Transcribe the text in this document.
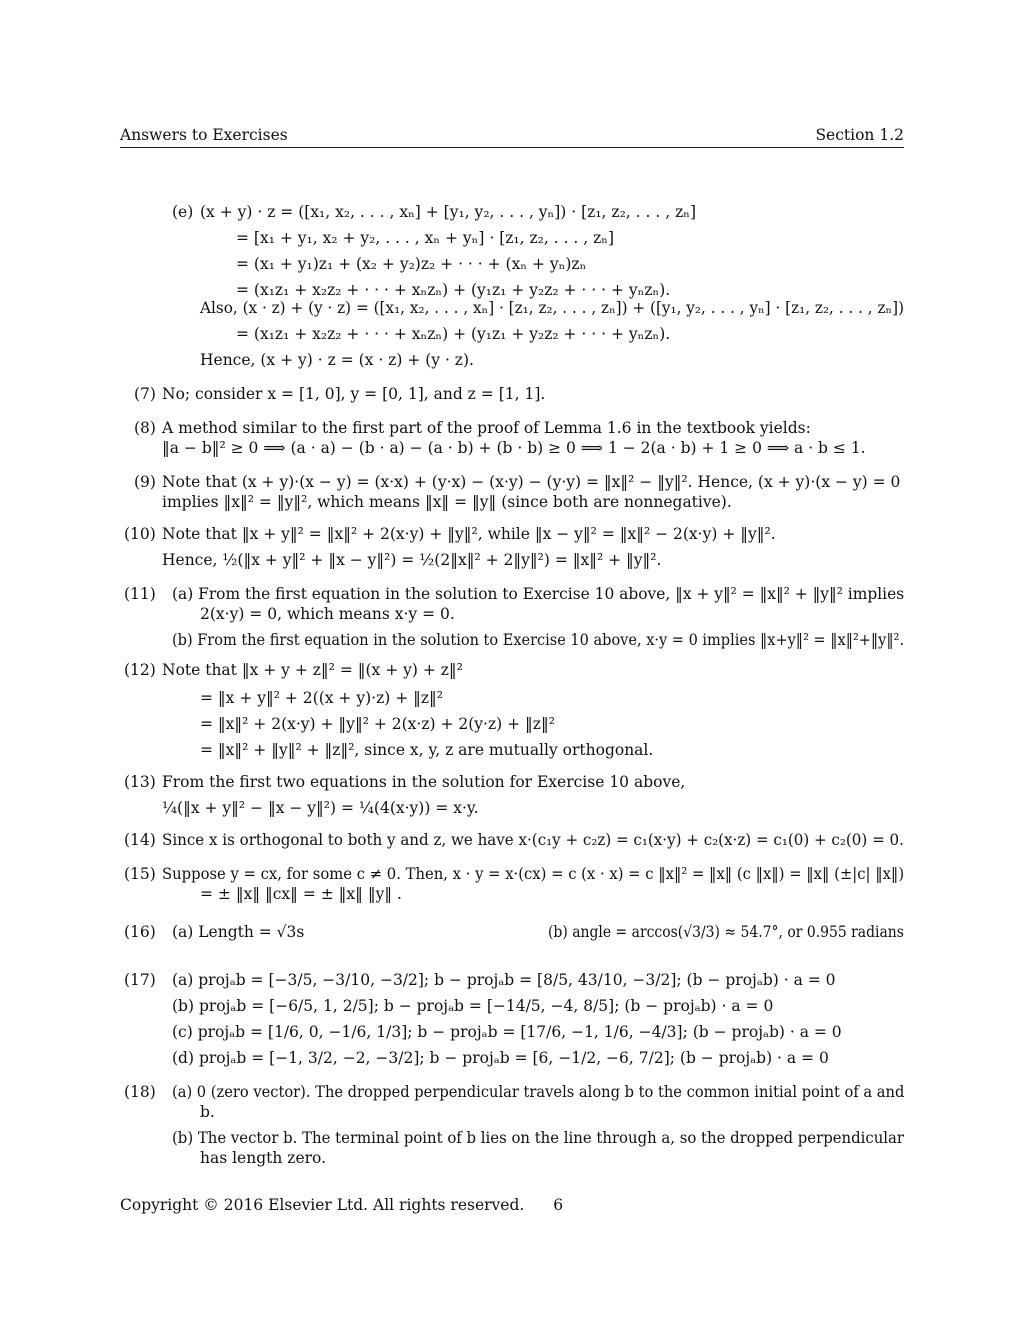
Answers to Exercises	Section 1.2
(e) (x + y) · z = ([x₁, x₂, . . . , xₙ] + [y₁, y₂, . . . , yₙ]) · [z₁, z₂, . . . , zₙ]
= [x₁ + y₁, x₂ + y₂, . . . , xₙ + yₙ] · [z₁, z₂, . . . , zₙ]
= (x₁ + y₁)z₁ + (x₂ + y₂)z₂ + · · · + (xₙ + yₙ)zₙ
= (x₁z₁ + x₂z₂ + · · · + xₙzₙ) + (y₁z₁ + y₂z₂ + · · · + yₙzₙ).
Also, (x · z) + (y · z) = ([x₁, x₂, . . . , xₙ] · [z₁, z₂, . . . , zₙ]) + ([y₁, y₂, . . . , yₙ] · [z₁, z₂, . . . , zₙ])
= (x₁z₁ + x₂z₂ + · · · + xₙzₙ) + (y₁z₁ + y₂z₂ + · · · + yₙzₙ).
Hence, (x + y) · z = (x · z) + (y · z).
(7) No; consider x = [1, 0], y = [0, 1], and z = [1, 1].
(8) A method similar to the first part of the proof of Lemma 1.6 in the textbook yields:
‖a − b‖² ≥ 0 ⟹ (a · a) − (b · a) − (a · b) + (b · b) ≥ 0 ⟹ 1 − 2(a · b) + 1 ≥ 0 ⟹ a · b ≤ 1.
(9) Note that (x + y)·(x − y) = (x·x) + (y·x) − (x·y) − (y·y) = ‖x‖² − ‖y‖². Hence, (x + y)·(x − y) = 0
implies ‖x‖² = ‖y‖², which means ‖x‖ = ‖y‖ (since both are nonnegative).
(10) Note that ‖x + y‖² = ‖x‖² + 2(x·y) + ‖y‖², while ‖x − y‖² = ‖x‖² − 2(x·y) + ‖y‖².
Hence, ½(‖x + y‖² + ‖x − y‖²) = ½(2‖x‖² + 2‖y‖²) = ‖x‖² + ‖y‖².
(11) (a) From the first equation in the solution to Exercise 10 above, ‖x + y‖² = ‖x‖² + ‖y‖² implies
2(x·y) = 0, which means x·y = 0.
(b) From the first equation in the solution to Exercise 10 above, x·y = 0 implies ‖x+y‖² = ‖x‖²+‖y‖².
(12) Note that ‖x + y + z‖² = ‖(x + y) + z‖²
= ‖x + y‖² + 2((x + y)·z) + ‖z‖²
= ‖x‖² + 2(x·y) + ‖y‖² + 2(x·z) + 2(y·z) + ‖z‖²
= ‖x‖² + ‖y‖² + ‖z‖², since x, y, z are mutually orthogonal.
(13) From the first two equations in the solution for Exercise 10 above,
¼(‖x + y‖² − ‖x − y‖²) = ¼(4(x·y)) = x·y.
(14) Since x is orthogonal to both y and z, we have x·(c₁y + c₂z) = c₁(x·y) + c₂(x·z) = c₁(0) + c₂(0) = 0.
(15) Suppose y = cx, for some c ≠ 0. Then, x · y = x·(cx) = c (x · x) = c ‖x‖² = ‖x‖ (c ‖x‖) = ‖x‖ (±|c| ‖x‖)
= ± ‖x‖ ‖cx‖ = ± ‖x‖ ‖y‖ .
(16) (a) Length = √3s	(b) angle = arccos(√3/3) ≈ 54.7°, or 0.955 radians
(17) (a) projₐb = [−3/5, −3/10, −3/2]; b − projₐb = [8/5, 43/10, −3/2]; (b − projₐb) · a = 0
(b) projₐb = [−6/5, 1, 2/5]; b − projₐb = [−14/5, −4, 8/5]; (b − projₐb) · a = 0
(c) projₐb = [1/6, 0, −1/6, 1/3]; b − projₐb = [17/6, −1, 1/6, −4/3]; (b − projₐb) · a = 0
(d) projₐb = [−1, 3/2, −2, −3/2]; b − projₐb = [6, −1/2, −6, 7/2]; (b − projₐb) · a = 0
(18) (a) 0 (zero vector). The dropped perpendicular travels along b to the common initial point of a and
b.
(b) The vector b. The terminal point of b lies on the line through a, so the dropped perpendicular
has length zero.
Copyright © 2016 Elsevier Ltd. All rights reserved. 6
